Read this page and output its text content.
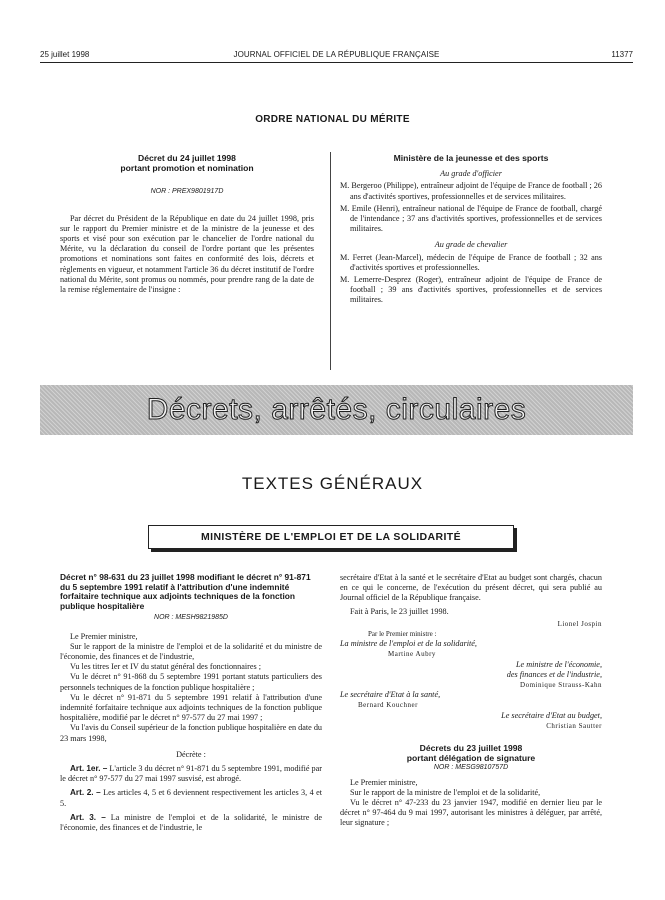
25 juillet 1998	JOURNAL OFFICIEL DE LA RÉPUBLIQUE FRANÇAISE	11377
ORDRE NATIONAL DU MÉRITE

Décret du 24 juillet 1998

portant promotion et nomination

NOR : PREX9801917D

Par décret du Président de la République en date du 24 juillet 1998, pris sur le rapport du Premier ministre et de la ministre de la jeunesse et des sports et visé pour son exécution par le chancelier de l'ordre national du Mérite, vu la déclaration du conseil de l'ordre portant que les présentes promotions et nominations sont faites en conformité des lois, décrets et règlements en vigueur, et notamment l'article 36 du décret institutif de l'ordre national du Mérite, sont promus ou nommés, pour prendre rang de la date de la remise réglementaire de l'insigne :

Ministère de la jeunesse et des sports

Au grade d'officier

M. Bergeroo (Philippe), entraîneur adjoint de l'équipe de France de football ; 26 ans d'activités sportives, professionnelles et de services militaires.

M. Emile (Henri), entraîneur national de l'équipe de France de football, chargé de l'intendance ; 37 ans d'activités sportives, professionnelles et de services militaires.

Au grade de chevalier

M. Ferret (Jean-Marcel), médecin de l'équipe de France de football ; 32 ans d'activités sportives et professionnelles.

M. Lemerre-Desprez (Roger), entraîneur adjoint de l'équipe de France de football ; 39 ans d'activités sportives, professionnelles et de services militaires.

Décrets, arrêtés, circulaires
TEXTES GÉNÉRAUX
MINISTÈRE DE L'EMPLOI ET DE LA SOLIDARITÉ

Décret n° 98-631 du 23 juillet 1998 modifiant le décret n° 91-871 du 5 septembre 1991 relatif à l'attribution d'une indemnité forfaitaire technique aux adjoints techniques de la fonction publique hospitalière

NOR : MESH9821985D

Le Premier ministre,

Sur le rapport de la ministre de l'emploi et de la solidarité et du ministre de l'économie, des finances et de l'industrie,

Vu les titres Ier et IV du statut général des fonctionnaires ;

Vu le décret n° 91-868 du 5 septembre 1991 portant statuts particuliers des personnels techniques de la fonction publique hospitalière ;

Vu le décret n° 91-871 du 5 septembre 1991 relatif à l'attribution d'une indemnité forfaitaire technique aux adjoints techniques de la fonction publique hospitalière, modifié par le décret n° 97-577 du 27 mai 1997 ;

Vu l'avis du Conseil supérieur de la fonction publique hospitalière en date du 23 mars 1998,

Décrète :

Art. 1er. – L'article 3 du décret n° 91-871 du 5 septembre 1991, modifié par le décret n° 97-577 du 27 mai 1997 susvisé, est abrogé.

Art. 2. – Les articles 4, 5 et 6 deviennent respectivement les articles 3, 4 et 5.

Art. 3. – La ministre de l'emploi et de la solidarité, le ministre de l'économie, des finances et de l'industrie, le

secrétaire d'Etat à la santé et le secrétaire d'Etat au budget sont chargés, chacun en ce qui le concerne, de l'exécution du présent décret, qui sera publié au Journal officiel de la République française.

Fait à Paris, le 23 juillet 1998.

Lionel Jospin

Par le Premier ministre :

La ministre de l'emploi et de la solidarité,

Martine Aubry

Le ministre de l'économie,

des finances et de l'industrie,

Dominique Strauss-Kahn

Le secrétaire d'Etat à la santé,

Bernard Kouchner

Le secrétaire d'Etat au budget,

Christian Sautter

Décrets du 23 juillet 1998

portant délégation de signature

NOR : MESG9810757D

Le Premier ministre,

Sur le rapport de la ministre de l'emploi et de la solidarité,

Vu le décret n° 47-233 du 23 janvier 1947, modifié en dernier lieu par le décret n° 97-464 du 9 mai 1997, autorisant les ministres à déléguer, par arrêté, leur signature ;
